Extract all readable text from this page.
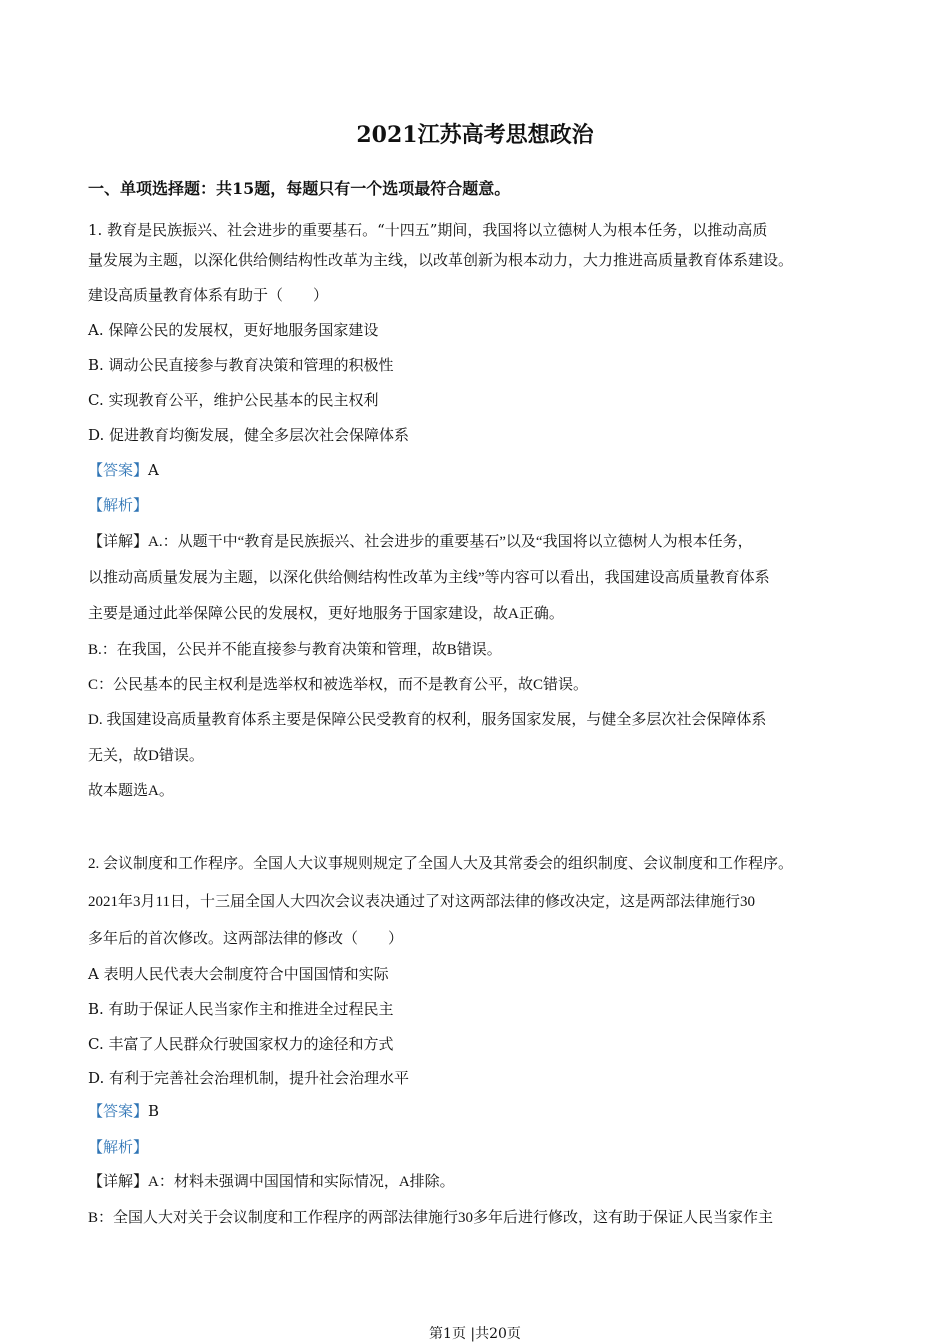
2021江苏高考思想政治
一、单项选择题：共15题，每题只有一个选项最符合题意。
1. 教育是民族振兴、社会进步的重要基石。“十四五”期间，我国将以立德树人为根本任务，以推动高质
量发展为主题，以深化供给侧结构性改革为主线，以改革创新为根本动力，大力推进高质量教育体系建设。
建设高质量教育体系有助于（　　）
A. 保障公民的发展权，更好地服务国家建设
B. 调动公民直接参与教育决策和管理的积极性
C. 实现教育公平，维护公民基本的民主权利
D. 促进教育均衡发展，健全多层次社会保障体系
【答案】A
【解析】
【详解】A.：从题干中“教育是民族振兴、社会进步的重要基石”以及“我国将以立德树人为根本任务，
以推动高质量发展为主题，以深化供给侧结构性改革为主线”等内容可以看出，我国建设高质量教育体系
主要是通过此举保障公民的发展权，更好地服务于国家建设，故A正确。
B.：在我国，公民并不能直接参与教育决策和管理，故B错误。
C：公民基本的民主权利是选举权和被选举权，而不是教育公平，故C错误。
D. 我国建设高质量教育体系主要是保障公民受教育的权利，服务国家发展，与健全多层次社会保障体系
无关，故D错误。
故本题选A。
2. 会议制度和工作程序。全国人大议事规则规定了全国人大及其常委会的组织制度、会议制度和工作程序。
2021年3月11日，十三届全国人大四次会议表决通过了对这两部法律的修改决定，这是两部法律施行30
多年后的首次修改。这两部法律的修改（　　）
A 表明人民代表大会制度符合中国国情和实际
B. 有助于保证人民当家作主和推进全过程民主
C. 丰富了人民群众行驶国家权力的途径和方式
D. 有利于完善社会治理机制，提升社会治理水平
【答案】B
【解析】
【详解】A：材料未强调中国国情和实际情况，A排除。
B：全国人大对关于会议制度和工作程序的两部法律施行30多年后进行修改，这有助于保证人民当家作主
第1页 |共20页
